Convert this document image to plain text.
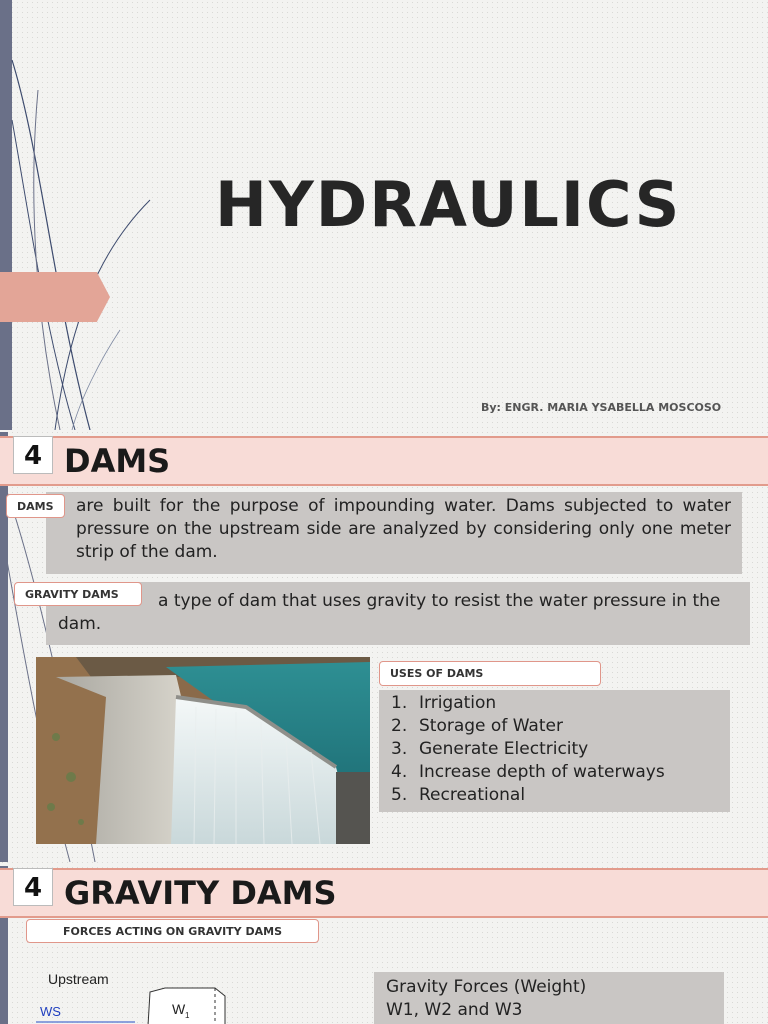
HYDRAULICS
By: ENGR. MARIA YSABELLA MOSCOSO
4 DAMS
are built for the purpose of impounding water. Dams subjected to water pressure on the upstream side are analyzed by considering only one meter strip of the dam.
DAMS
a type of dam that uses gravity to resist the water pressure in the dam.
GRAVITY DAMS
USES OF DAMS
1. Irrigation
2. Storage of Water
3. Generate Electricity
4. Increase depth of waterways
5. Recreational
4 GRAVITY DAMS
FORCES ACTING ON GRAVITY DAMS
Upstream
WS	W 1
Gravity Forces (Weight)
W1, W2 and W3
